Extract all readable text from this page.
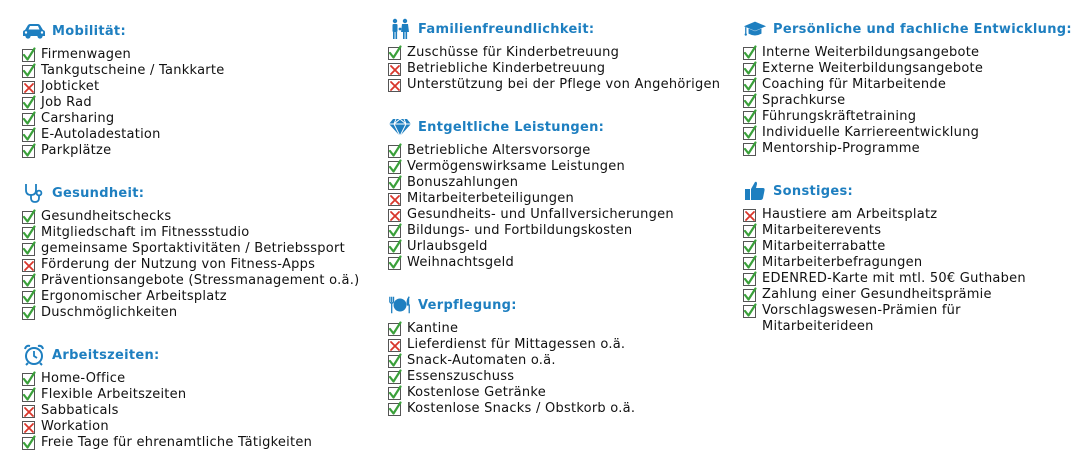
Mobilität:
Firmenwagen
Tankgutscheine / Tankkarte
Jobticket
Job Rad
Carsharing
E-Autoladestation
Parkplätze
Gesundheit:
Gesundheitschecks
Mitgliedschaft im Fitnessstudio
gemeinsame Sportaktivitäten / Betriebssport
Förderung der Nutzung von Fitness-Apps
Präventionsangebote (Stressmanagement o.ä.)
Ergonomischer Arbeitsplatz
Duschmöglichkeiten
Arbeitszeiten:
Home-Office
Flexible Arbeitszeiten
Sabbaticals
Workation
Freie Tage für ehrenamtliche Tätigkeiten
Familienfreundlichkeit:
Zuschüsse für Kinderbetreuung
Betriebliche Kinderbetreuung
Unterstützung bei der Pflege von Angehörigen
Entgeltliche Leistungen:
Betriebliche Altersvorsorge
Vermögenswirksame Leistungen
Bonuszahlungen
Mitarbeiterbeteiligungen
Gesundheits- und Unfallversicherungen
Bildungs- und Fortbildungskosten
Urlaubsgeld
Weihnachtsgeld
Verpflegung:
Kantine
Lieferdienst für Mittagessen o.ä.
Snack-Automaten o.ä.
Essenszuschuss
Kostenlose Getränke
Kostenlose Snacks / Obstkorb o.ä.
Persönliche und fachliche Entwicklung:
Interne Weiterbildungsangebote
Externe Weiterbildungsangebote
Coaching für Mitarbeitende
Sprachkurse
Führungskräftetraining
Individuelle Karriereentwicklung
Mentorship-Programme
Sonstiges:
Haustiere am Arbeitsplatz
Mitarbeiterevents
Mitarbeiterrabatte
Mitarbeiterbefragungen
EDENRED-Karte mit mtl. 50€ Guthaben
Zahlung einer Gesundheitsprämie
Vorschlagswesen-Prämien für Mitarbeiterideen
